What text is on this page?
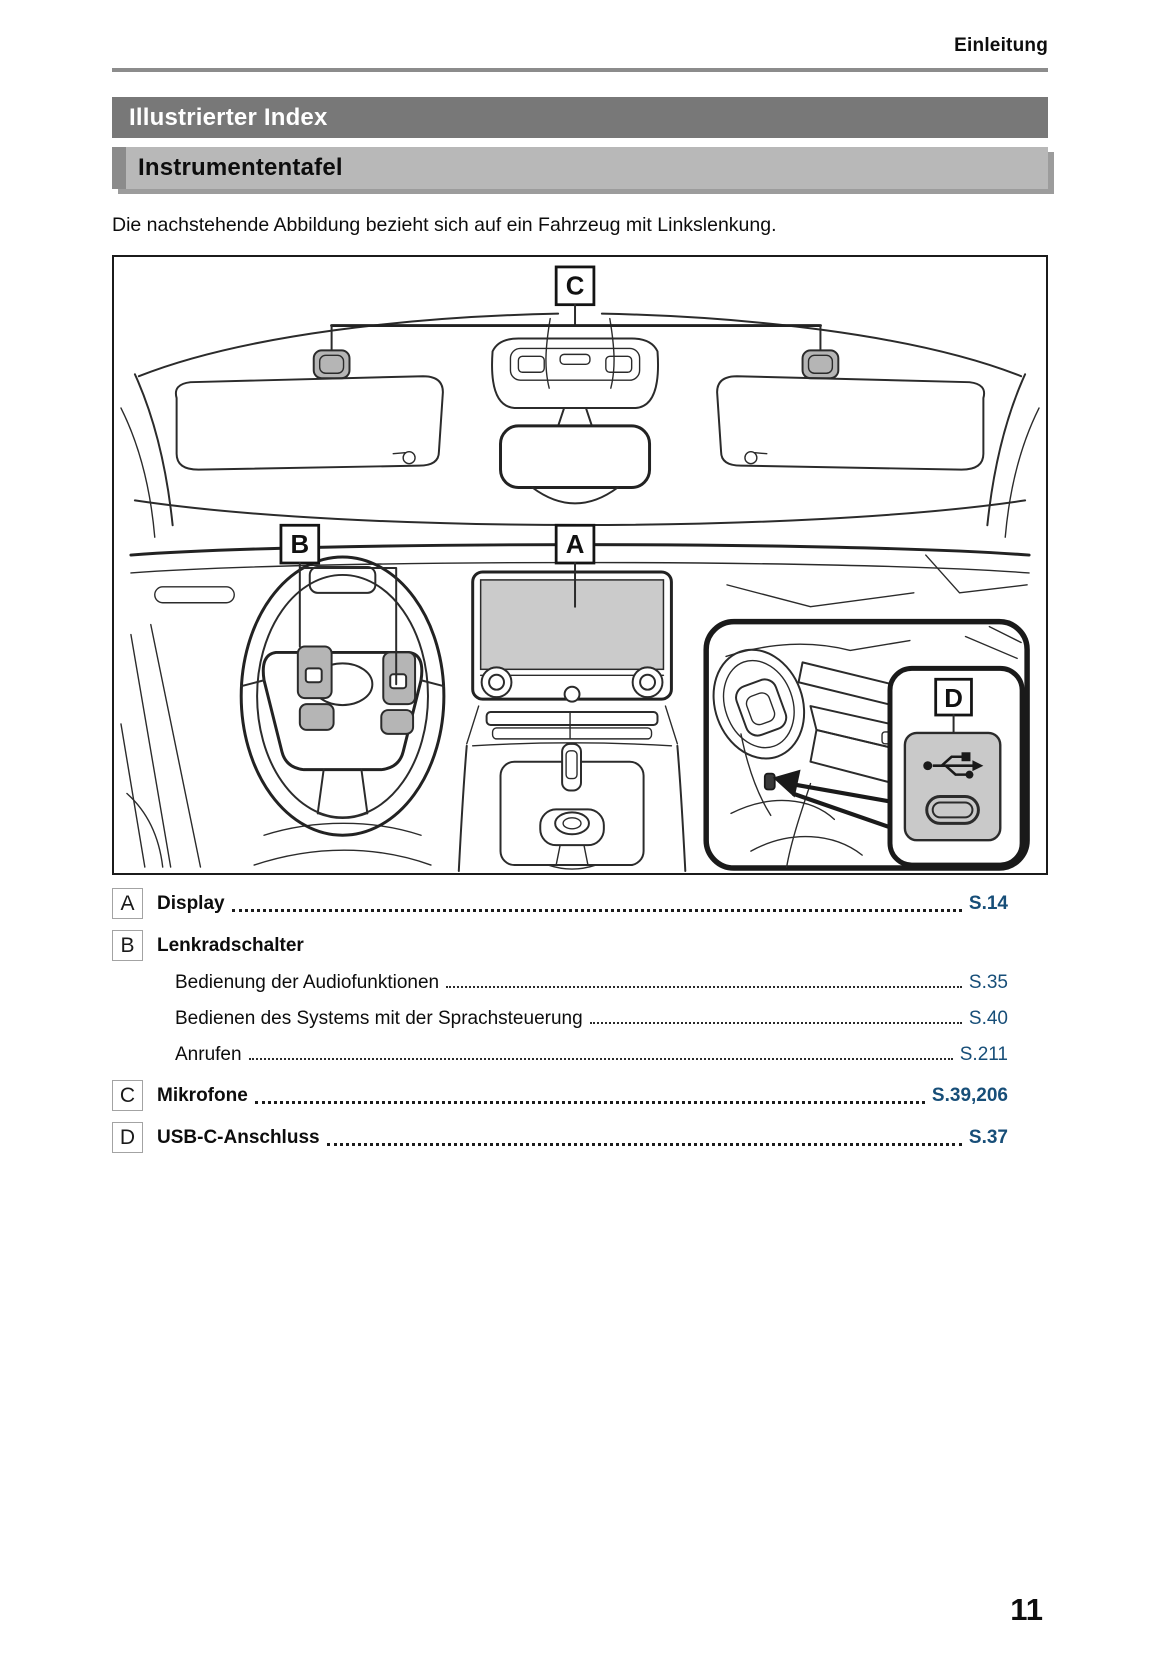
Einleitung
Illustrierter Index
Instrumententafel
Die nachstehende Abbildung bezieht sich auf ein Fahrzeug mit Linkslenkung.
C
B	A
D
A	Display	S.14
B	Lenkradschalter
Bedienung der Audiofunktionen	S.35
Bedienen des Systems mit der Sprachsteuerung	S.40
Anrufen	S.211
C	Mikrofone	S.39,206
D	USB-C-Anschluss	S.37
11
